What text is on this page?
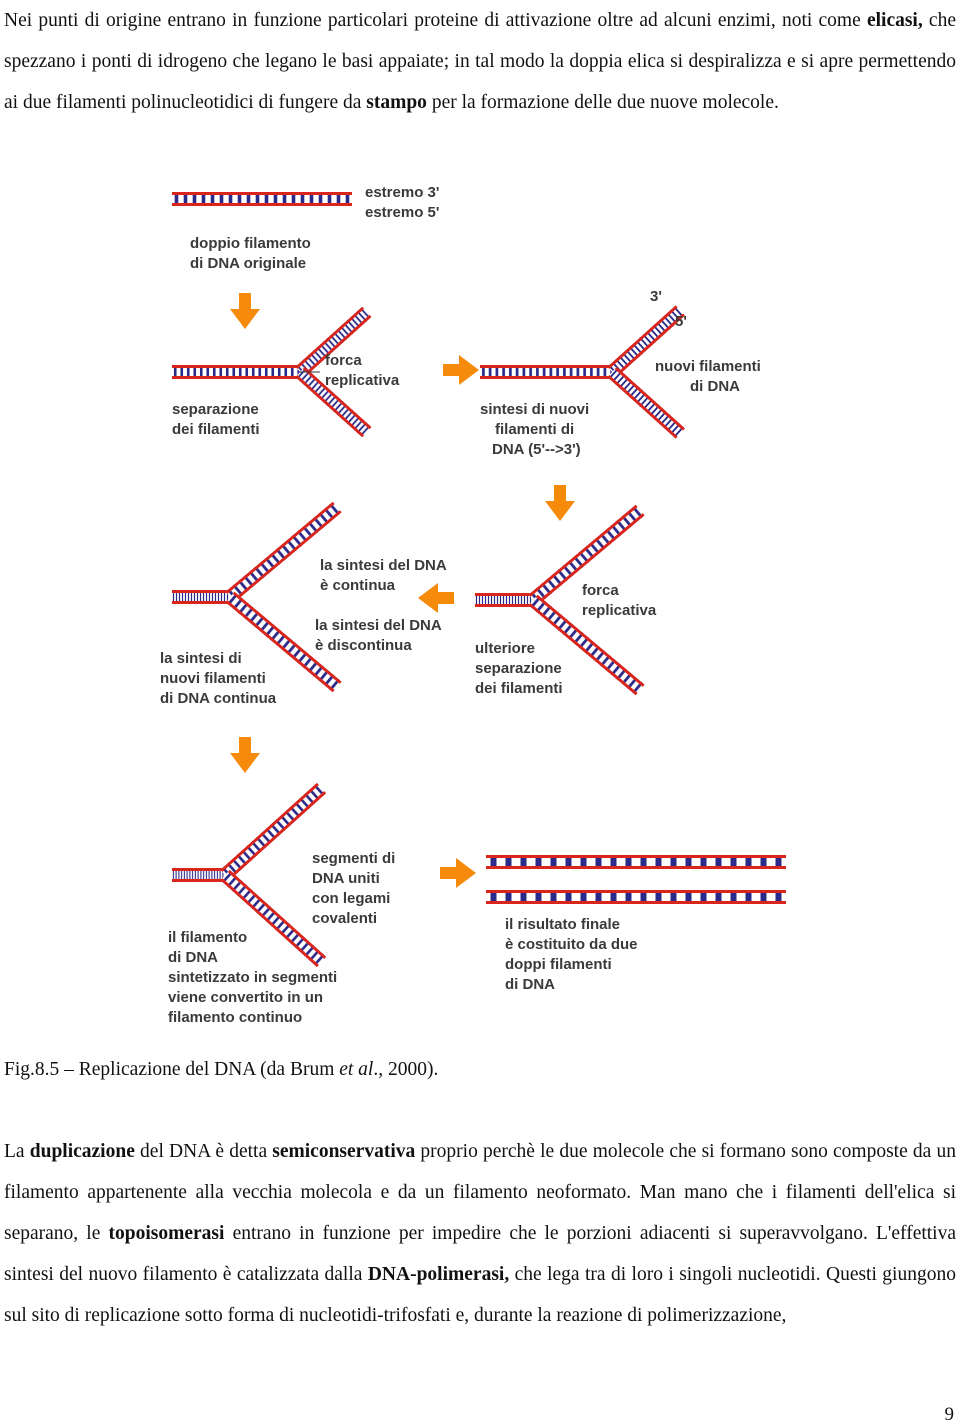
Nei punti di origine entrano in funzione particolari proteine di attivazione oltre ad alcuni enzimi, noti come elicasi, che spezzano i ponti di idrogeno che legano le basi appaiate; in tal modo la doppia elica si despiralizza e si apre permettendo ai due filamenti polinucleotidici di fungere da stampo per la formazione delle due nuove molecole.

estremo 3'
estremo 5'
doppio filamento
di DNA originale
forca
replicativa
separazione
dei filamenti
3'
5'
nuovi filamenti
di DNA
sintesi di nuovi
filamenti di
DNA (5'-->3')
forca
replicativa
ulteriore
separazione
dei filamenti
la sintesi del DNA
è continua
la sintesi del DNA
è discontinua
la sintesi di
nuovi filamenti
di DNA continua
segmenti di
DNA uniti
con legami
covalenti
il filamento
di DNA
sintetizzato in segmenti
viene convertito in un
filamento continuo
il risultato finale
è costituito da due
doppi filamenti
di DNA
Fig.8.5 – Replicazione del DNA (da Brum et al., 2000).

La duplicazione del DNA è detta semiconservativa proprio perchè le due molecole che si formano sono composte da un filamento appartenente alla vecchia molecola e da un filamento neoformato. Man mano che i filamenti dell'elica si separano, le topoisomerasi entrano in funzione per impedire che le porzioni adiacenti si superavvolgano. L'effettiva sintesi del nuovo filamento è catalizzata dalla DNA-polimerasi, che lega tra di loro i singoli nucleotidi. Questi giungono sul sito di replicazione sotto forma di nucleotidi-trifosfati e, durante la reazione di polimerizzazione,

9
